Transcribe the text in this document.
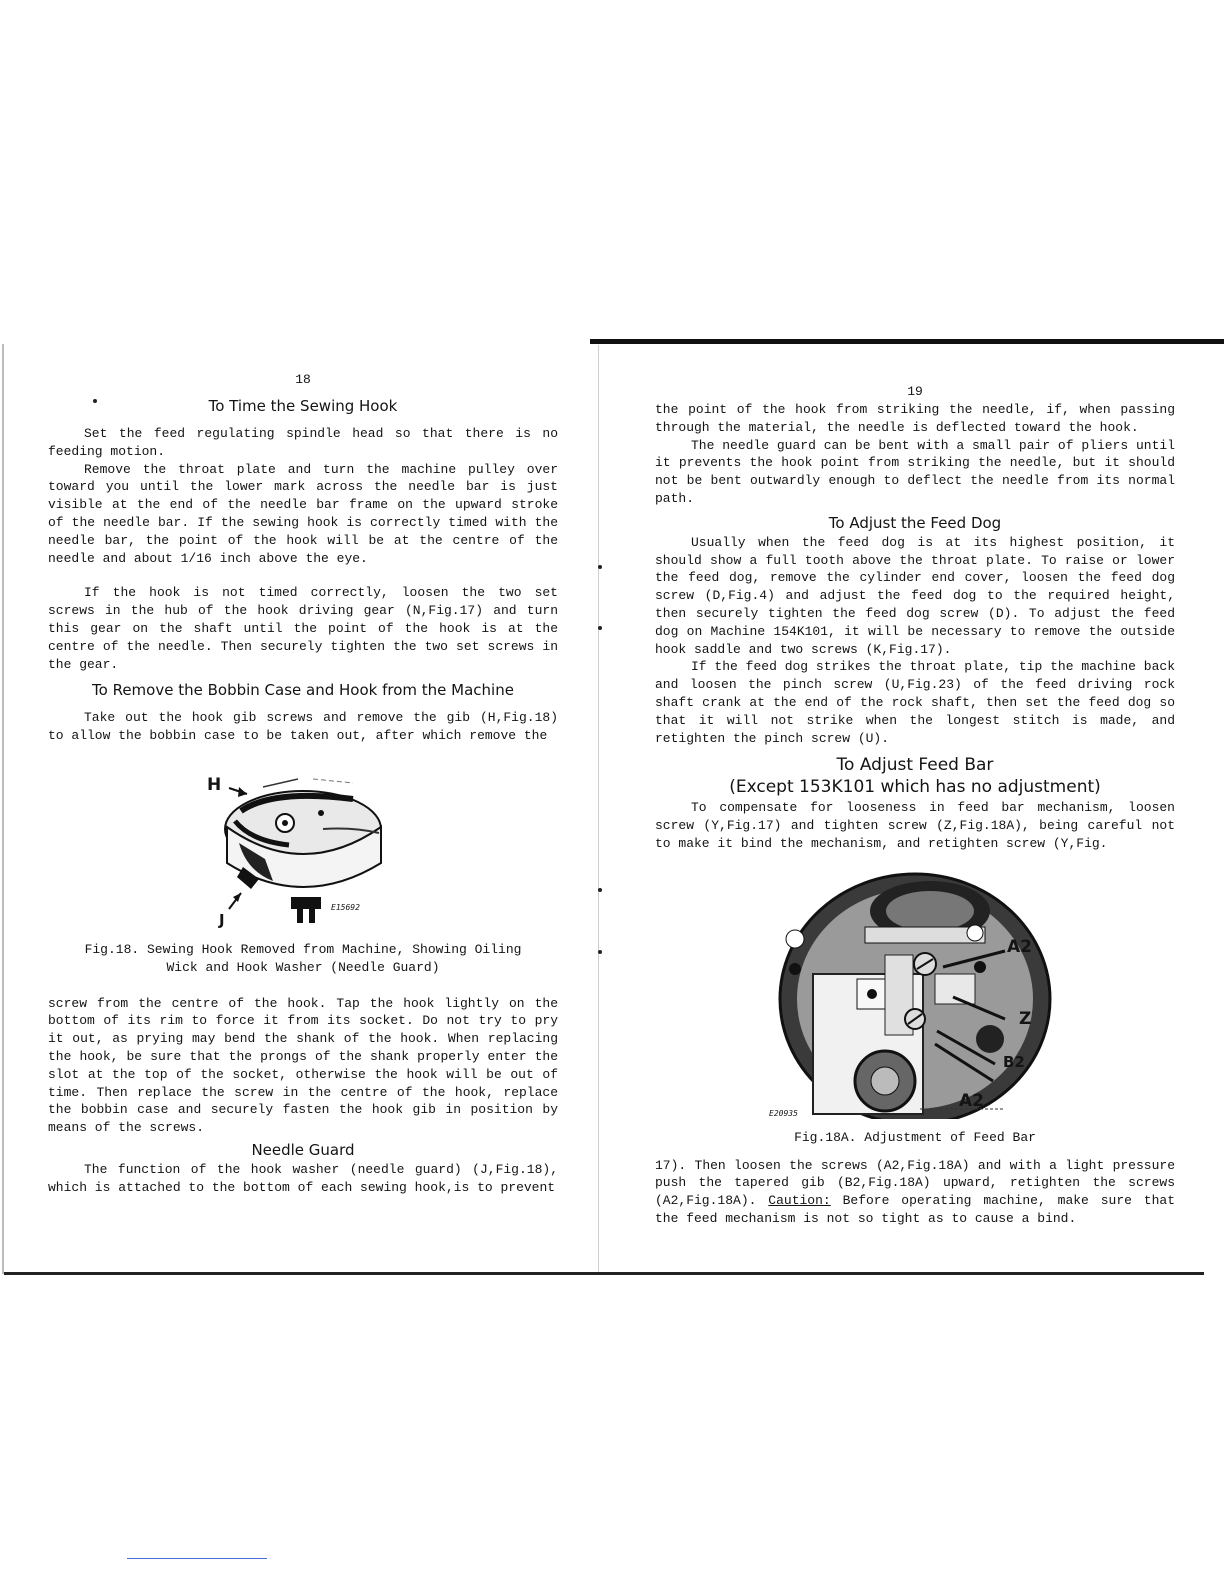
18
To Time the Sewing Hook

Set the feed regulating spindle head so that there is no feeding motion.

Remove the throat plate and turn the machine pulley over toward you until the lower mark across the needle bar is just visible at the end of the needle bar frame on the upward stroke of the needle bar. If the sewing hook is correctly timed with the needle bar, the point of the hook will be at the centre of the needle and about 1/16 inch above the eye.

If the hook is not timed correctly, loosen the two set screws in the hub of the hook driving gear (N,Fig.17) and turn this gear on the shaft until the point of the hook is at the centre of the needle. Then securely tighten the two set screws in the gear.

To Remove the Bobbin Case and Hook from the Machine

Take out the hook gib screws and remove the gib (H,Fig.18) to allow the bobbin case to be taken out, after which remove the

H
J
E15692
Fig.18. Sewing Hook Removed from Machine, Showing Oiling
Wick and Hook Washer (Needle Guard)

screw from the centre of the hook. Tap the hook lightly on the bottom of its rim to force it from its socket. Do not try to pry it out, as prying may bend the shank of the hook. When replacing the hook, be sure that the prongs of the shank properly enter the slot at the top of the socket, otherwise the hook will be out of time. Then replace the screw in the centre of the hook, replace the bobbin case and securely fasten the hook gib in position by means of the screws.

Needle Guard

The function of the hook washer (needle guard) (J,Fig.18), which is attached to the bottom of each sewing hook,is to prevent

19

the point of the hook from striking the needle, if, when passing through the material, the needle is deflected toward the hook.

The needle guard can be bent with a small pair of pliers until it prevents the hook point from striking the needle, but it should not be bent outwardly enough to deflect the needle from its normal path.

To Adjust the Feed Dog

Usually when the feed dog is at its highest position, it should show a full tooth above the throat plate. To raise or lower the feed dog, remove the cylinder end cover, loosen the feed dog screw (D,Fig.4) and adjust the feed dog to the required height, then securely tighten the feed dog screw (D). To adjust the feed dog on Machine 154K101, it will be necessary to remove the outside hook saddle and two screws (K,Fig.17).

If the feed dog strikes the throat plate, tip the machine back and loosen the pinch screw (U,Fig.23) of the feed driving rock shaft crank at the end of the rock shaft, then set the feed dog so that it will not strike when the longest stitch is made, and retighten the pinch screw (U).

To Adjust Feed Bar
(Except 153K101 which has no adjustment)

To compensate for looseness in feed bar mechanism, loosen screw (Y,Fig.17) and tighten screw (Z,Fig.18A), being careful not to make it bind the mechanism, and retighten screw (Y,Fig.

A2
Z
B2
A2
E20935
Fig.18A. Adjustment of Feed Bar

17). Then loosen the screws (A2,Fig.18A) and with a light pressure push the tapered gib (B2,Fig.18A) upward, retighten the screws (A2,Fig.18A). Caution: Before operating machine, make sure that the feed mechanism is not so tight as to cause a bind.
